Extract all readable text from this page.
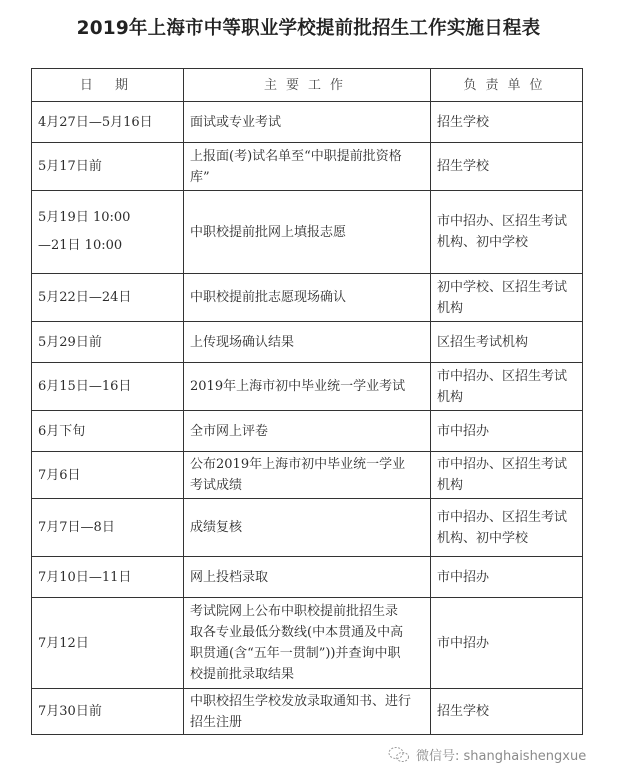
2019年上海市中等职业学校提前批招生工作实施日程表
日 期	主要工作	负责单位

4月27日—5月16日	面试或专业考试	招生学校

5月17日前	上报面(考)试名单至“中职提前批资格
库”	招生学校

5月19日 10:00
—21日 10:00	中职校提前批网上填报志愿	市中招办、区招生考试
机构、初中学校

5月22日—24日	中职校提前批志愿现场确认	初中学校、区招生考试
机构

5月29日前	上传现场确认结果	区招生考试机构

6月15日—16日	2019年上海市初中毕业统一学业考试	市中招办、区招生考试
机构

6月下旬	全市网上评卷	市中招办

7月6日	公布2019年上海市初中毕业统一学业
考试成绩	市中招办、区招生考试
机构

7月7日—8日	成绩复核	市中招办、区招生考试
机构、初中学校

7月10日—11日	网上投档录取	市中招办

7月12日	考试院网上公布中职校提前批招生录
取各专业最低分数线(中本贯通及中高
职贯通(含“五年一贯制”))并查询中职
校提前批录取结果	市中招办

7月30日前	中职校招生学校发放录取通知书、进行
招生注册	招生学校
微信号: shanghaishengxue
